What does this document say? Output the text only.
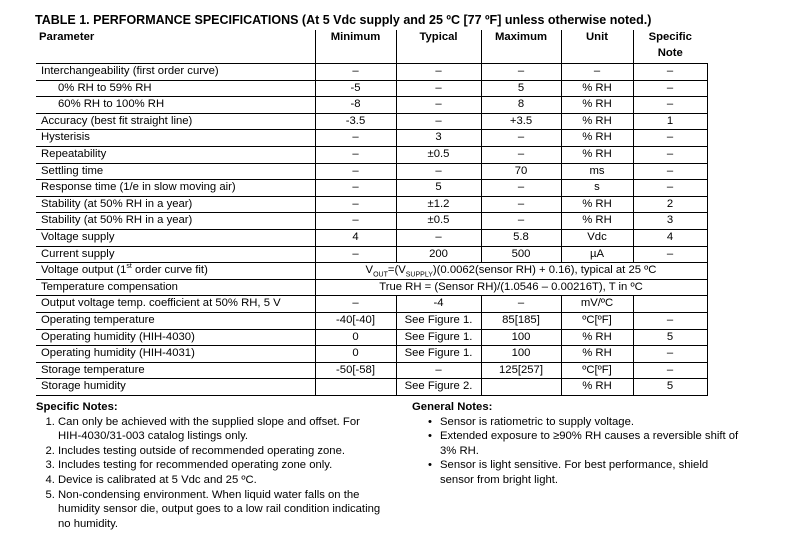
TABLE 1. PERFORMANCE SPECIFICATIONS (At 5 Vdc supply and 25 ºC [77 ºF] unless otherwise noted.)
Parameter	Minimum	Typical	Maximum	Unit	Specific
Note
Interchangeability (first order curve)	–	–	–	–	–
0% RH to 59% RH	-5	–	5	% RH	–
60% RH to 100% RH	-8	–	8	% RH	–
Accuracy (best fit straight line)	-3.5	–	+3.5	% RH	1
Hysterisis	–	3	–	% RH	–
Repeatability	–	±0.5	–	% RH	–
Settling time	–	–	70	ms	–
Response time (1/e in slow moving air)	–	5	–	s	–
Stability (at 50% RH in a year)	–	±1.2	–	% RH	2
Stability (at 50% RH in a year)	–	±0.5	–	% RH	3
Voltage supply	4	–	5.8	Vdc	4
Current supply	–	200	500	µA	–
Voltage output (1st order curve fit)	$V_{OUT}=(V_{SUPPLY})(0.0062(sensor$ RH) + 0.16), typical at 25 ºC				
Temperature compensation	True RH = (Sensor RH)/(1.0546 – 0.00216T), T in ºC				
Output voltage temp. coefficient at 50% RH, 5 V	–	-4	–	mV/ºC	
Operating temperature	-40[-40]	See Figure 1.	85[185]	ºC[ºF]	–
Operating humidity (HIH-4030)	0	See Figure 1.	100	% RH	5
Operating humidity (HIH-4031)	0	See Figure 1.	100	% RH	–
Storage temperature	-50[-58]	–	125[257]	ºC[ºF]	–
Storage humidity		See Figure 2.		% RH	5
Specific Notes:
1. Can only be achieved with the supplied slope and offset. For HIH-4030/31-003 catalog listings only.
2. Includes testing outside of recommended operating zone.
3. Includes testing for recommended operating zone only.
4. Device is calibrated at 5 Vdc and 25 ºC.
5. Non-condensing environment. When liquid water falls on the humidity sensor die, output goes to a low rail condition indicating no humidity.
General Notes:
• Sensor is ratiometric to supply voltage.
• Extended exposure to ≥90% RH causes a reversible shift of 3% RH.
• Sensor is light sensitive. For best performance, shield sensor from bright light.
